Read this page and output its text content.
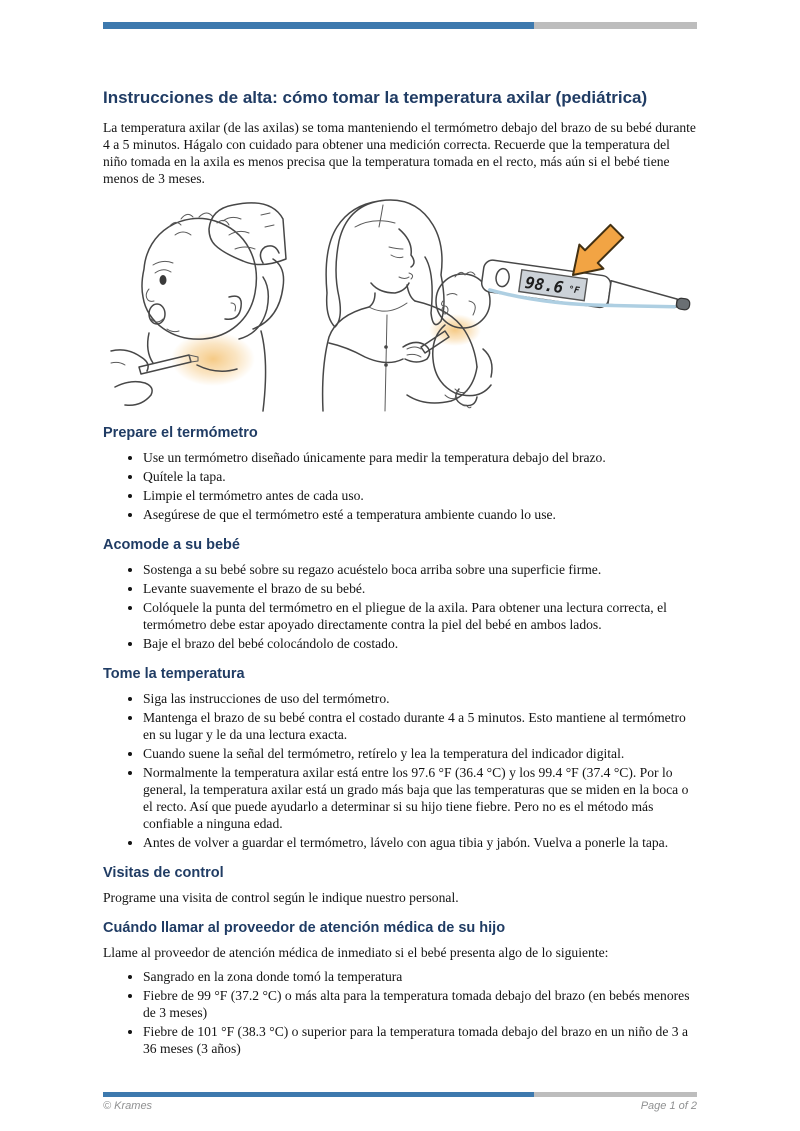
Instrucciones de alta: cómo tomar la temperatura axilar (pediátrica)

La temperatura axilar (de las axilas) se toma manteniendo el termómetro debajo del brazo de su bebé durante 4 a 5 minutos. Hágalo con cuidado para obtener una medición correcta. Recuerde que la temperatura del niño tomada en la axila es menos precisa que la temperatura tomada en el recto, más aún si el bebé tiene menos de 3 meses.

98.6 °F
Prepare el termómetro
• Use un termómetro diseñado únicamente para medir la temperatura debajo del brazo.
• Quítele la tapa.
• Limpie el termómetro antes de cada uso.
• Asegúrese de que el termómetro esté a temperatura ambiente cuando lo use.
Acomode a su bebé
• Sostenga a su bebé sobre su regazo acuéstelo boca arriba sobre una superficie firme.
• Levante suavemente el brazo de su bebé.
• Colóquele la punta del termómetro en el pliegue de la axila. Para obtener una lectura correcta, el termómetro debe estar apoyado directamente contra la piel del bebé en ambos lados.
• Baje el brazo del bebé colocándolo de costado.
Tome la temperatura
• Siga las instrucciones de uso del termómetro.
• Mantenga el brazo de su bebé contra el costado durante 4 a 5 minutos. Esto mantiene al termómetro en su lugar y le da una lectura exacta.
• Cuando suene la señal del termómetro, retírelo y lea la temperatura del indicador digital.
• Normalmente la temperatura axilar está entre los 97.6 °F (36.4 °C) y los 99.4 °F (37.4 °C). Por lo general, la temperatura axilar está un grado más baja que las temperaturas que se miden en la boca o el recto. Así que puede ayudarlo a determinar si su hijo tiene fiebre. Pero no es el método más confiable a ninguna edad.
• Antes de volver a guardar el termómetro, lávelo con agua tibia y jabón. Vuelva a ponerle la tapa.
Visitas de control

Programe una visita de control según le indique nuestro personal.

Cuándo llamar al proveedor de atención médica de su hijo

Llame al proveedor de atención médica de inmediato si el bebé presenta algo de lo siguiente:

• Sangrado en la zona donde tomó la temperatura
• Fiebre de 99 °F (37.2 °C) o más alta para la temperatura tomada debajo del brazo (en bebés menores de 3 meses)
• Fiebre de 101 °F (38.3 °C) o superior para la temperatura tomada debajo del brazo en un niño de 3 a 36 meses (3 años)
© Krames	Page 1 of 2
